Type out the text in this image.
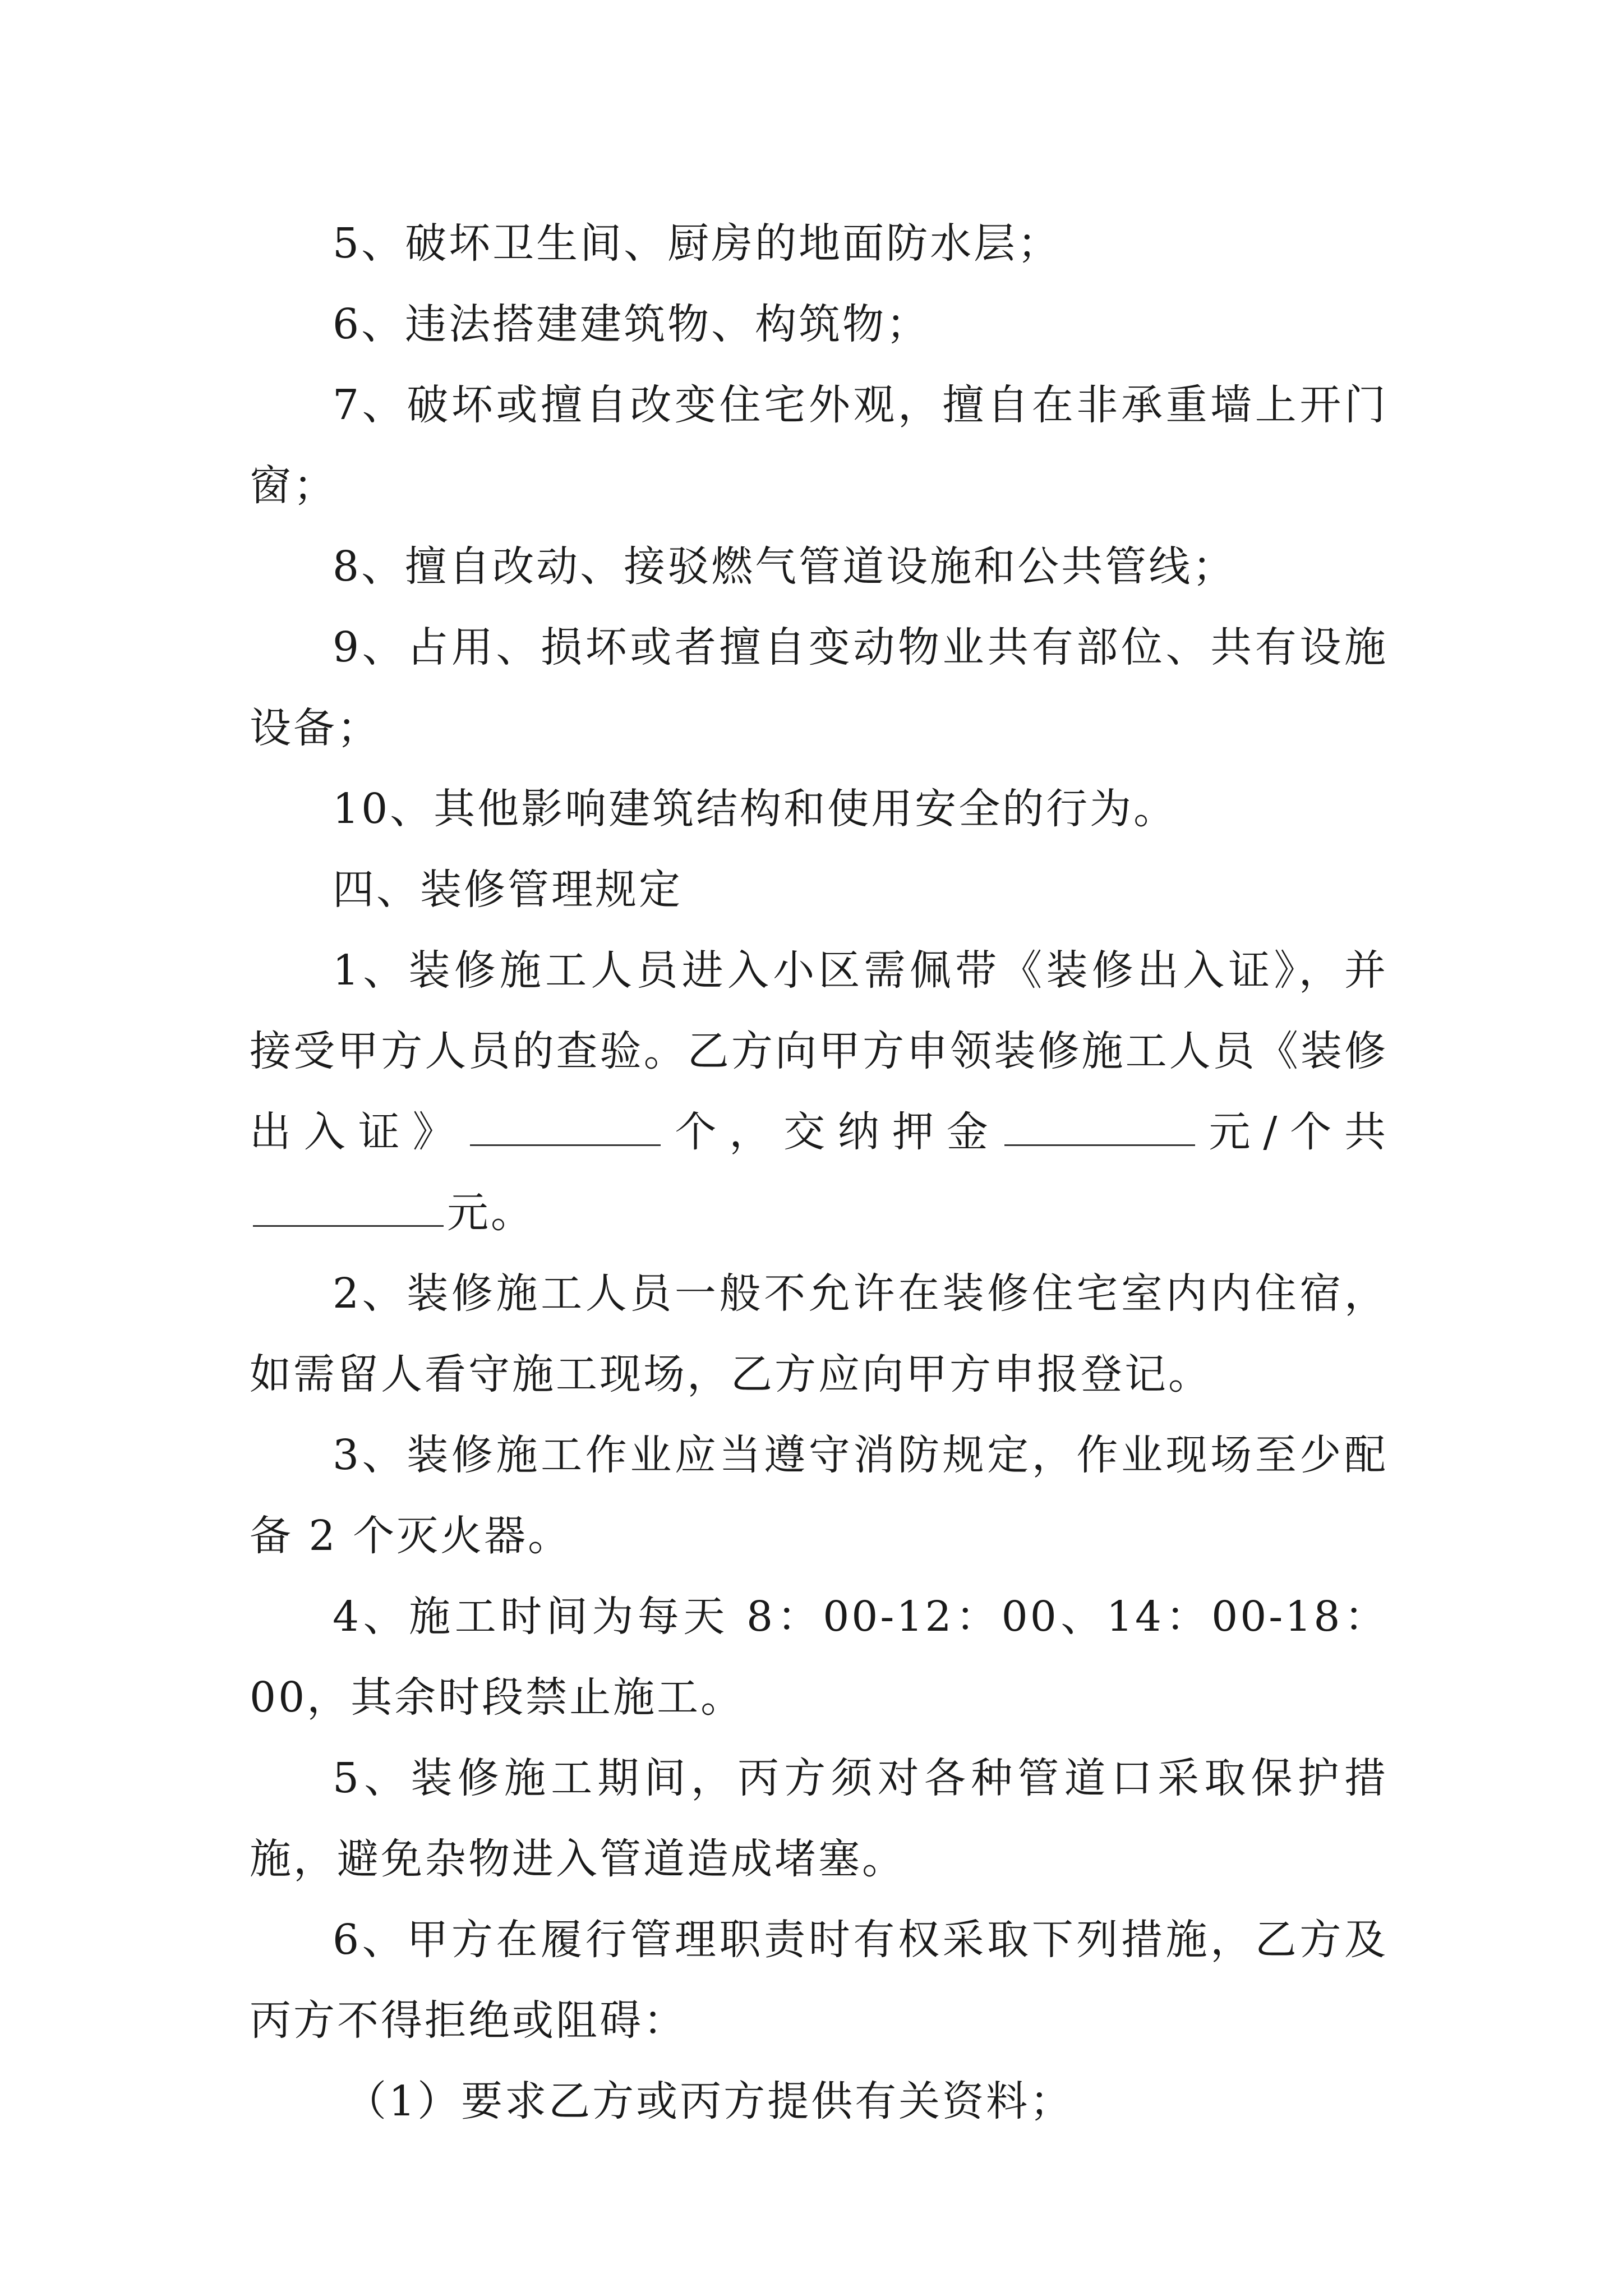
5、破坏卫生间、厨房的地面防水层；

6、违法搭建建筑物、构筑物；

7、破坏或擅自改变住宅外观，擅自在非承重墙上开门窗；

8、擅自改动、接驳燃气管道设施和公共管线；

9、占用、损坏或者擅自变动物业共有部位、共有设施设备；

10、其他影响建筑结构和使用安全的行为。

四、装修管理规定

1、装修施工人员进入小区需佩带《装修出入证》，并接受甲方人员的查验。乙方向甲方申领装修施工人员《装修出入证》	个，交纳押金	元/个共元。

2、装修施工人员一般不允许在装修住宅室内内住宿，如需留人看守施工现场，乙方应向甲方申报登记。

3、装修施工作业应当遵守消防规定，作业现场至少配备 2 个灭火器。

4、施工时间为每天 8：00-12：00、14：00-18：00，其余时段禁止施工。

5、装修施工期间，丙方须对各种管道口采取保护措施，避免杂物进入管道造成堵塞。

6、甲方在履行管理职责时有权采取下列措施，乙方及丙方不得拒绝或阻碍：

（1）要求乙方或丙方提供有关资料；
